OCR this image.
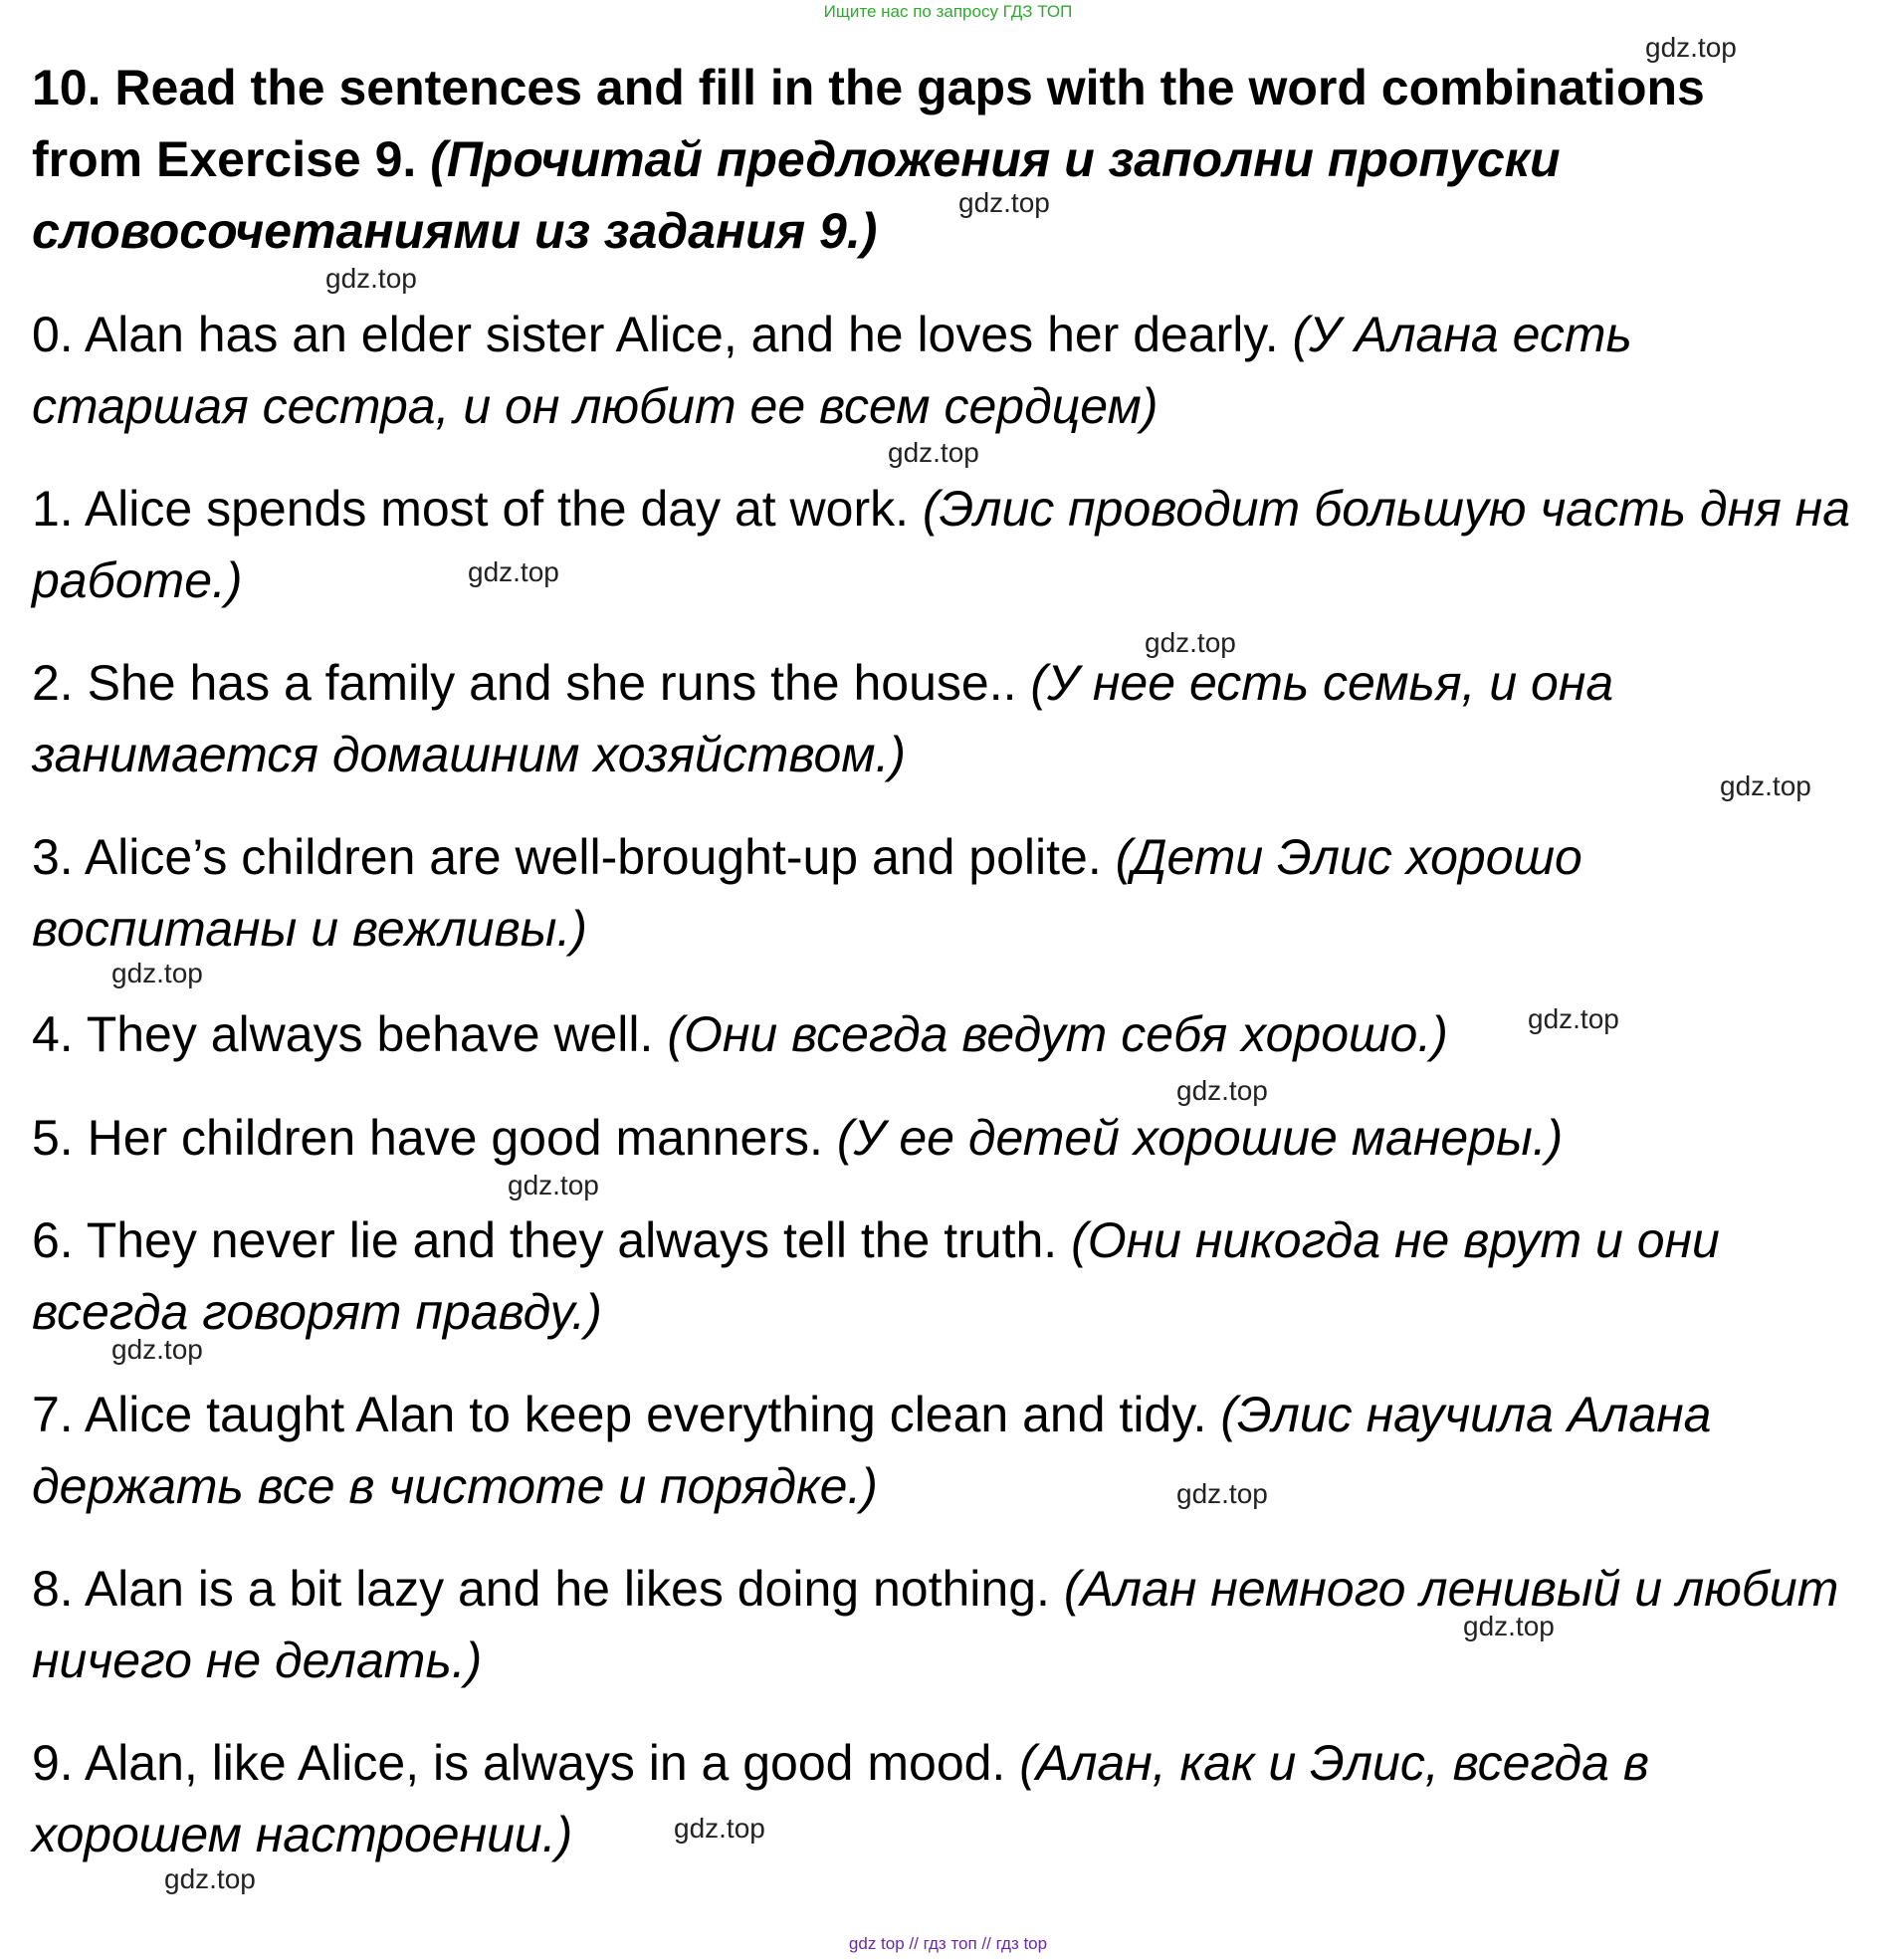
Ищите нас по запросу ГДЗ ТОП
10. Read the sentences and fill in the gaps with the word combinations from Exercise 9. (Прочитай предложения и заполни пропуски словосочетаниями из задания 9.)
0. Alan has an elder sister Alice, and he loves her dearly. (У Алана есть старшая сестра, и он любит ее всем сердцем)
1. Alice spends most of the day at work. (Элис проводит большую часть дня на работе.)
2. She has a family and she runs the house.. (У нее есть семья, и она занимается домашним хозяйством.)
3. Alice’s children are well-brought-up and polite. (Дети Элис хорошо воспитаны и вежливы.)
4. They always behave well. (Они всегда ведут себя хорошо.)
5. Her children have good manners. (У ее детей хорошие манеры.)
6. They never lie and they always tell the truth. (Они никогда не врут и они всегда говорят правду.)
7. Alice taught Alan to keep everything clean and tidy. (Элис научила Алана держать все в чистоте и порядке.)
8. Alan is a bit lazy and he likes doing nothing. (Алан немного ленивый и любит ничего не делать.)
9. Alan, like Alice, is always in a good mood. (Алан, как и Элис, всегда в хорошем настроении.)
gdz.top
gdz.top
gdz.top
gdz.top
gdz.top
gdz.top
gdz.top
gdz.top
gdz.top
gdz.top
gdz.top
gdz.top
gdz.top
gdz.top
gdz.top
gdz.top
gdz top // гдз топ // гдз top
